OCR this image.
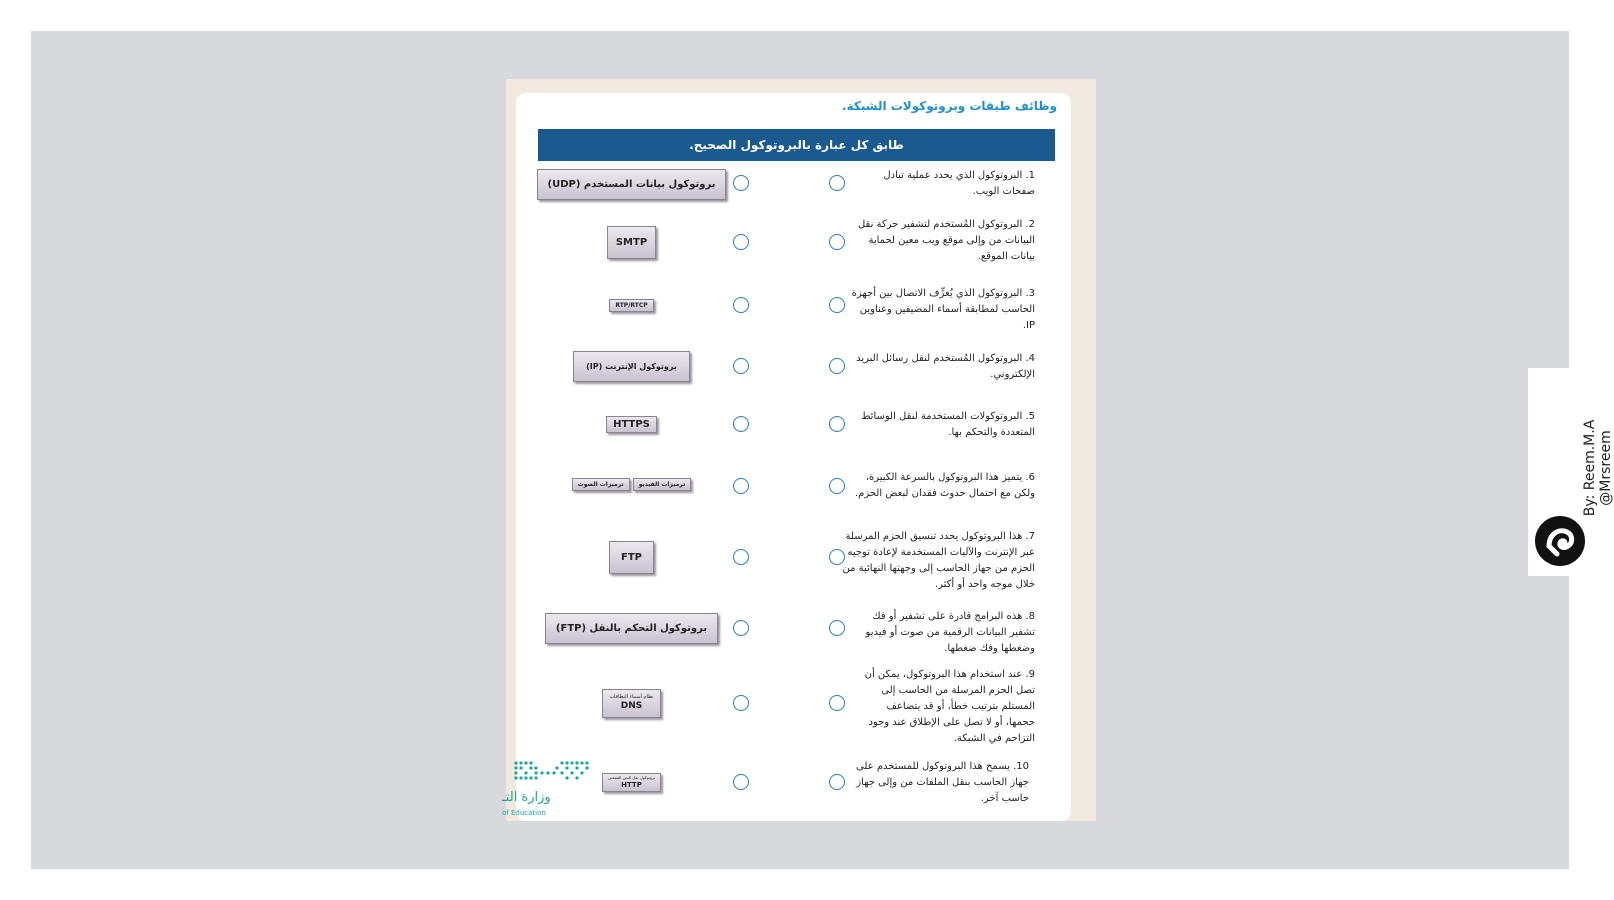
وظائف طبقات وبروتوكولات الشبكة.
طابق كل عبارة بالبروتوكول الصحيح.
1. البروتوكول الذي يحدد عملية تبادل صفحات الويب.
بروتوكول بيانات المستخدم (UDP)
2. البروتوكول المُستخدم لتشفير حركة نقل البيانات من وإلى موقع ويب معين لحماية بيانات الموقع.
SMTP
3. البروتوكول الذي يُعزِّف الاتصال بين أجهزة الحاسب لمطابقة أسماء المضيفين وعناوين IP.
RTP/RTCP
4. البروتوكول المُستخدم لنقل رسائل البريد الإلكتروني.
بروتوكول الإنترنت (IP)
5. البروتوكولات المستخدمة لنقل الوسائط المتعددة والتحكم بها.
HTTPS
6. يتميز هذا البروتوكول بالسرعة الكبيرة، ولكن مع احتمال حدوث فقدان لبعض الحزم.
ترميزات الصوت	ترميزات الفيديو
7. هذا البروتوكول يحدد تنسيق الحزم المرسلة عبر الإنترنت والآليات المستخدمة لإعادة توجيه الحزم من جهاز الحاسب إلى وجهتها النهائية من خلال موجه واحد أو أكثر.
FTP
8. هذه البرامج قادرة على تشفير أو فك تشفير البيانات الرقمية من صوت أو فيديو وضغطها وفك ضغطها.
بروتوكول التحكم بالنقل (FTP)
9. عند استخدام هذا البروتوكول، يمكن أن تصل الحزم المرسلة من الحاسب إلى المستلم بترتيب خطأ، أو قد يتضاعف حجمها، أو لا تصل على الإطلاق عند وجود التزاحم في الشبكة.
نظام أسماء النطاقات
DNS
10. يسمح هذا البروتوكول للمستخدم على جهاز الحاسب بنقل الملفات من وإلى جهاز حاسب آخر.
بروتوكول نقل النص التشعبي
HTTP
وزارة التـ
of Education
By: Reem.M.A @Mrsreem
